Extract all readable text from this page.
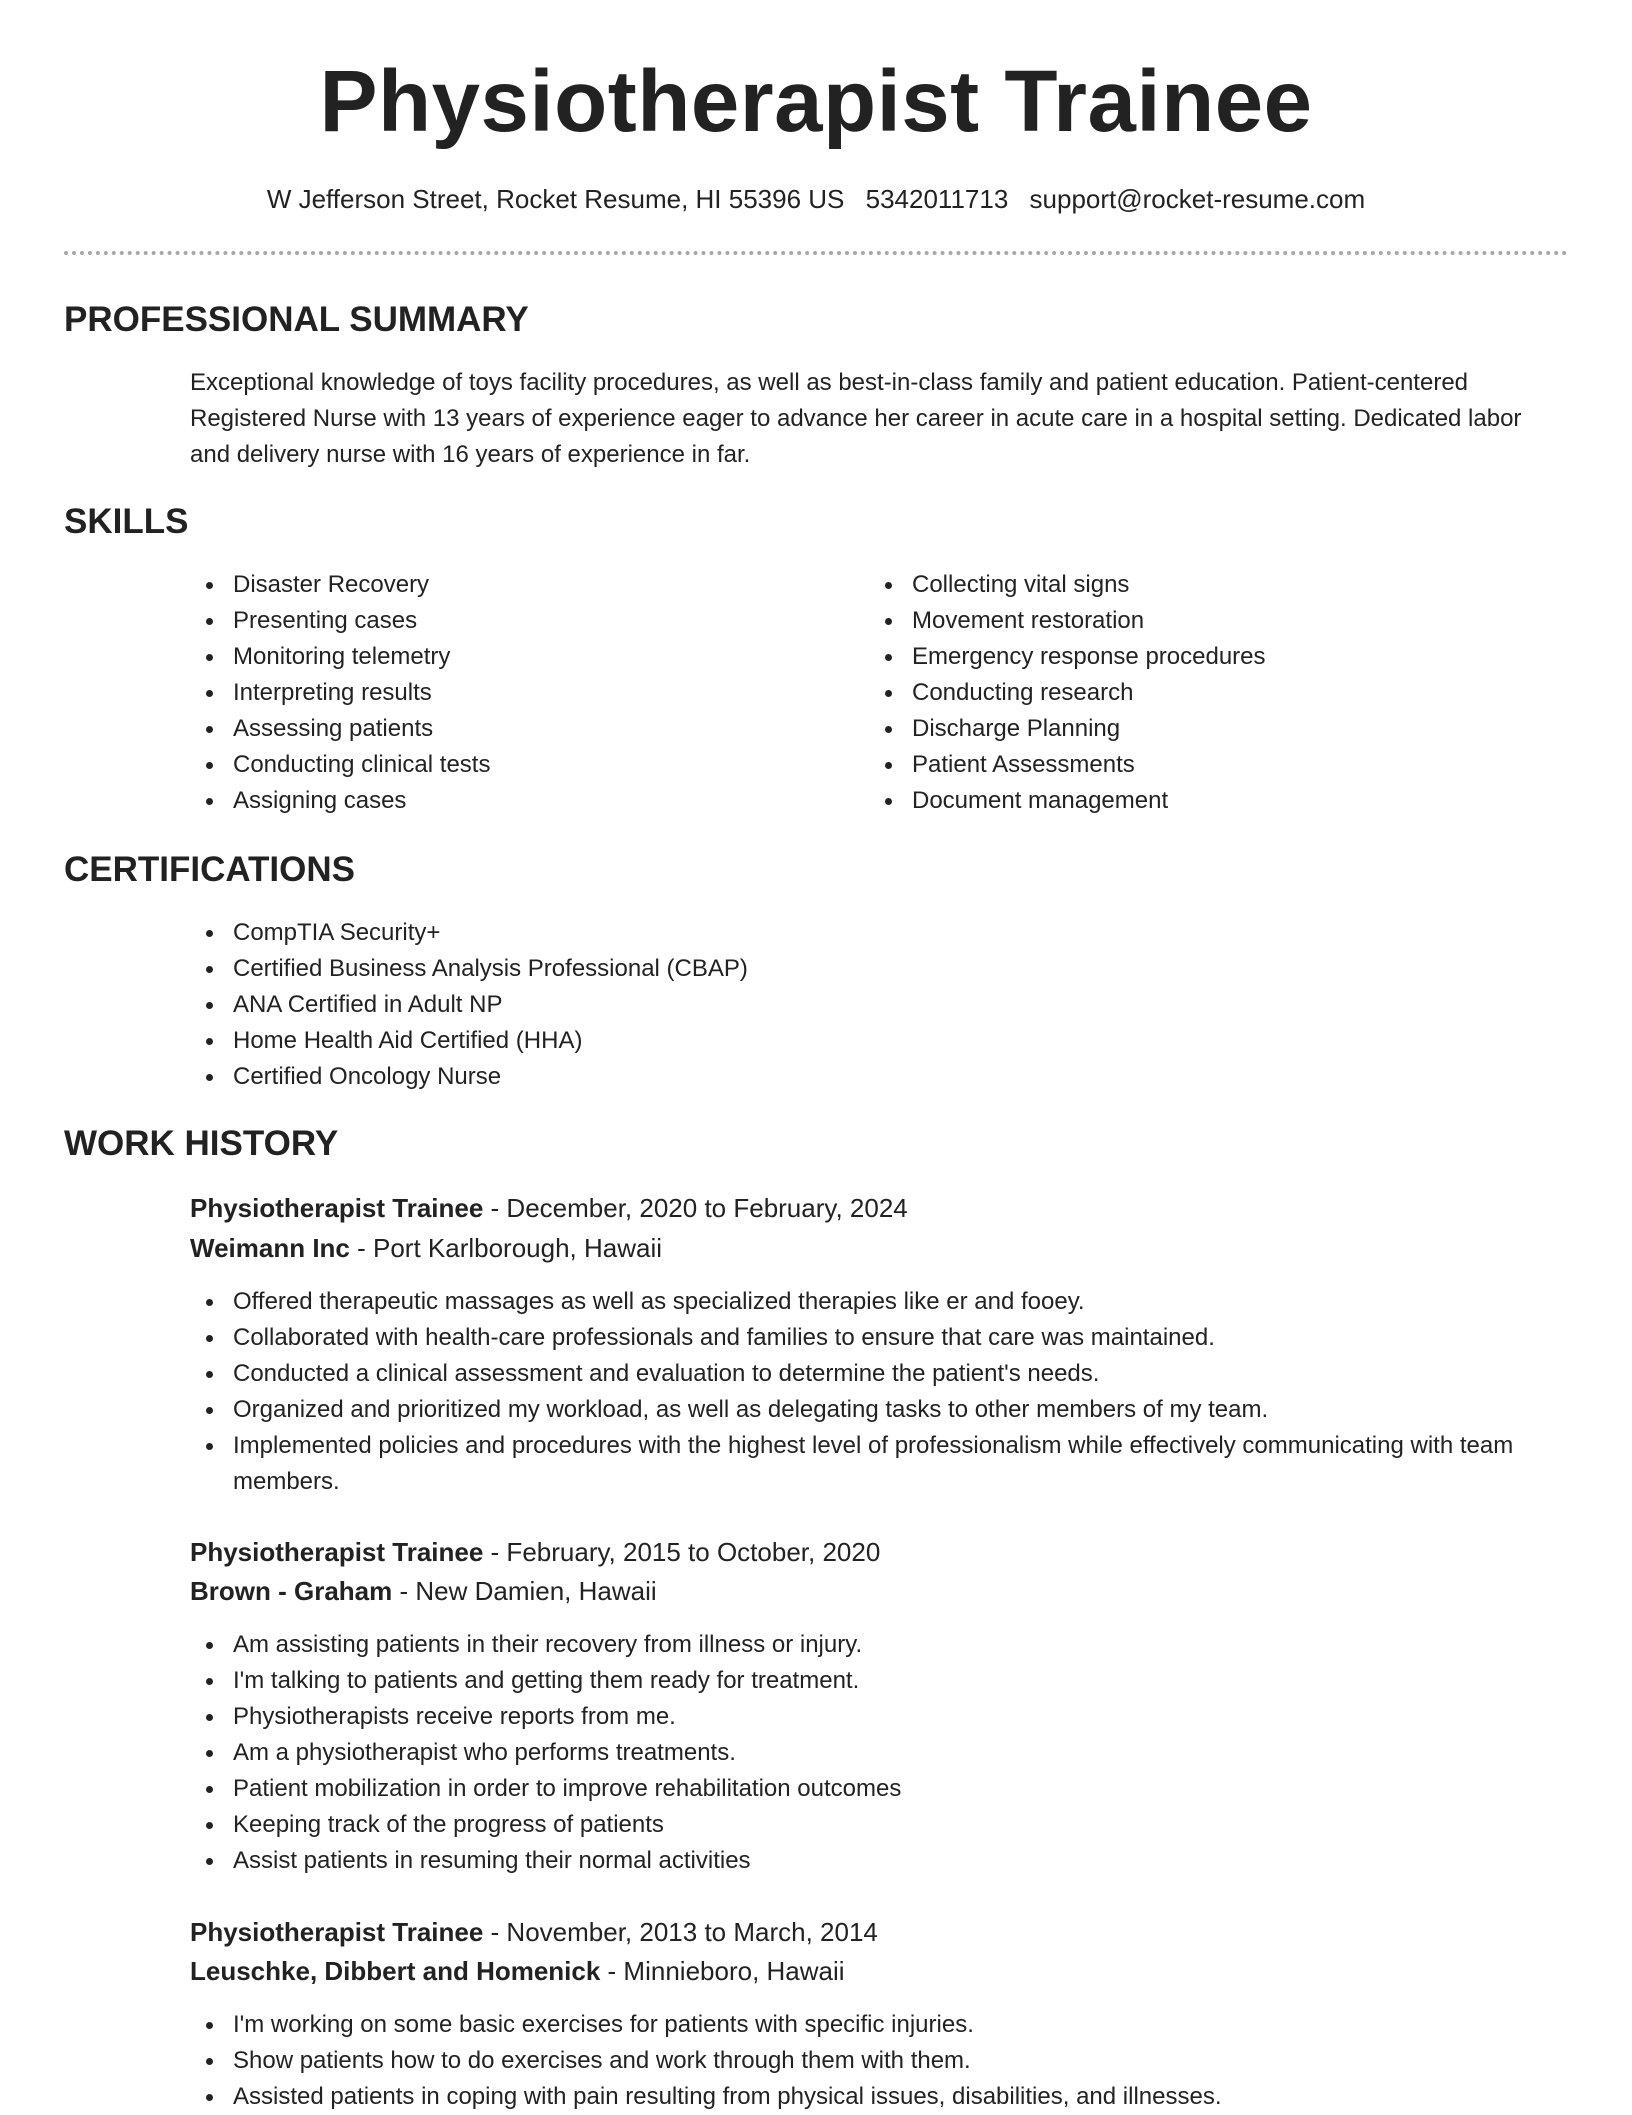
Physiotherapist Trainee
W Jefferson Street, Rocket Resume, HI 55396 US 5342011713 support@rocket-resume.com
PROFESSIONAL SUMMARY

Exceptional knowledge of toys facility procedures, as well as best-in-class family and patient education. Patient-centered Registered Nurse with 13 years of experience eager to advance her career in acute care in a hospital setting. Dedicated labor and delivery nurse with 16 years of experience in far.

SKILLS
Disaster Recovery
Presenting cases
Monitoring telemetry
Interpreting results
Assessing patients
Conducting clinical tests
Assigning cases
Collecting vital signs
Movement restoration
Emergency response procedures
Conducting research
Discharge Planning
Patient Assessments
Document management
CERTIFICATIONS
CompTIA Security+
Certified Business Analysis Professional (CBAP)
ANA Certified in Adult NP
Home Health Aid Certified (HHA)
Certified Oncology Nurse
WORK HISTORY
Physiotherapist Trainee - December, 2020 to February, 2024
Weimann Inc - Port Karlborough, Hawaii
Offered therapeutic massages as well as specialized therapies like er and fooey.
Collaborated with health-care professionals and families to ensure that care was maintained.
Conducted a clinical assessment and evaluation to determine the patient's needs.
Organized and prioritized my workload, as well as delegating tasks to other members of my team.
Implemented policies and procedures with the highest level of professionalism while effectively communicating with team members.
Physiotherapist Trainee - February, 2015 to October, 2020
Brown - Graham - New Damien, Hawaii
Am assisting patients in their recovery from illness or injury.
I'm talking to patients and getting them ready for treatment.
Physiotherapists receive reports from me.
Am a physiotherapist who performs treatments.
Patient mobilization in order to improve rehabilitation outcomes
Keeping track of the progress of patients
Assist patients in resuming their normal activities
Physiotherapist Trainee - November, 2013 to March, 2014
Leuschke, Dibbert and Homenick - Minnieboro, Hawaii
I'm working on some basic exercises for patients with specific injuries.
Show patients how to do exercises and work through them with them.
Assisted patients in coping with pain resulting from physical issues, disabilities, and illnesses.
